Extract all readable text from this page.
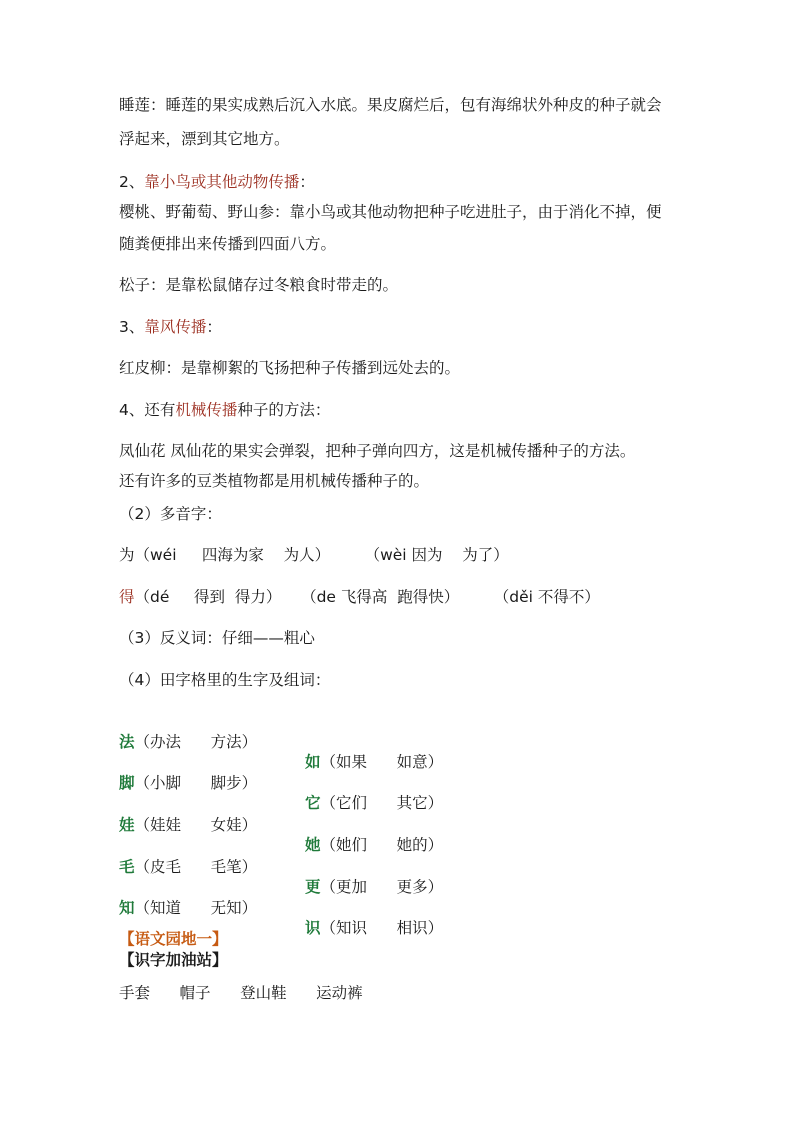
睡莲：睡莲的果实成熟后沉入水底。果皮腐烂后，包有海绵状外种皮的种子就会
浮起来，漂到其它地方。
2、靠小鸟或其他动物传播：
樱桃、野葡萄、野山参：靠小鸟或其他动物把种子吃进肚子，由于消化不掉，便
随粪便排出来传播到四面八方。
松子：是靠松鼠储存过冬粮食时带走的。
3、靠风传播：
红皮柳：是靠柳絮的飞扬把种子传播到远处去的。
4、还有机械传播种子的方法：
凤仙花 凤仙花的果实会弹裂，把种子弹向四方，这是机械传播种子的方法。
还有许多的豆类植物都是用机械传播种子的。
（2）多音字：
为（wéi　  四海为家    为人）       （wèi 因为    为了）
得（dé     得到  得力）    （de 飞得高  跑得快）       （děi 不得不）
（3）反义词：仔细——粗心
（4）田字格里的生字及组词：

法（办法      方法）

如（如果      如意）

脚（小脚      脚步）

它（它们      其它）

娃（娃娃      女娃）

她（她们      她的）

毛（皮毛      毛笔）

更（更加      更多）

知（知道      无知）

识（知识      相识）

【语文园地一】
【识字加油站】
手套      帽子      登山鞋      运动裤
